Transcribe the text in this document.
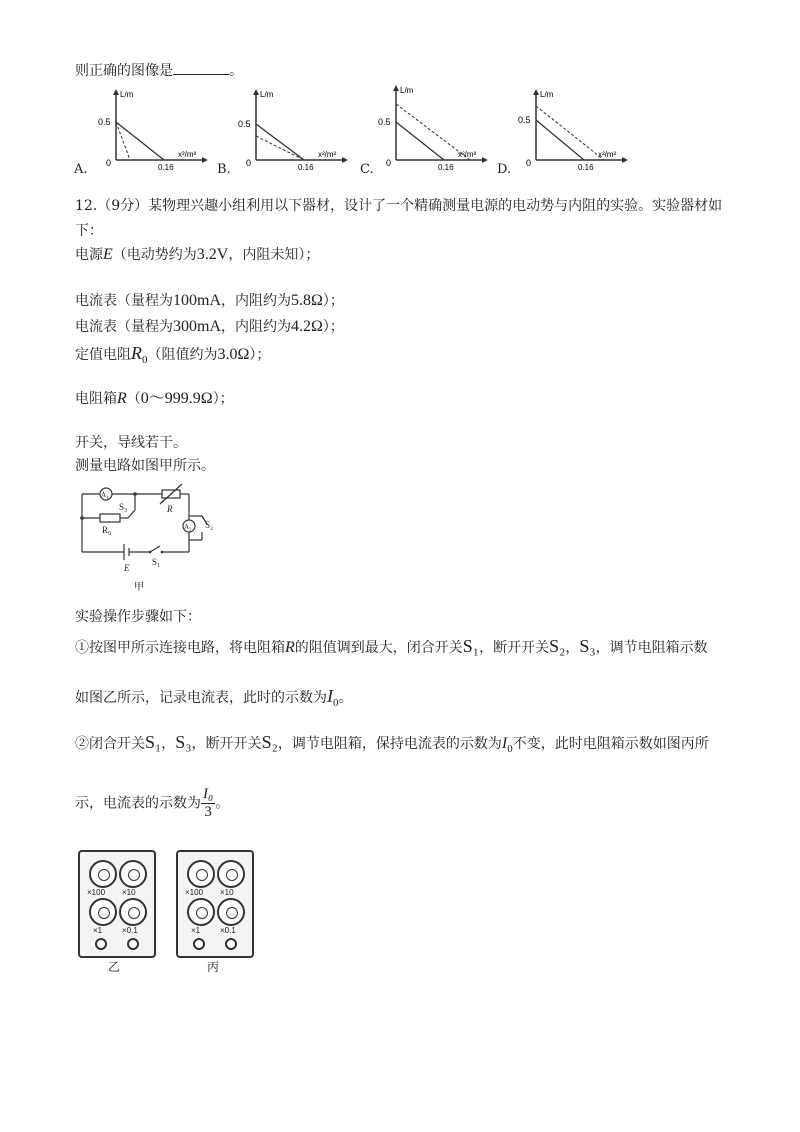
则正确的图像是	。
A.	B.	C.	D.
L/m
0.5
0	0.16
x²/m²
L/m
0.5
0	0.16
x²/m²
L/m
0.5
0	0.16
x²/m²
L/m
0.5
0	0.16
x²/m²
12.（9分）某物理兴趣小组利用以下器材，设计了一个精确测量电源的电动势与内阻的实验。实验器材如
下：
电源E（电动势约为3.2V，内阻未知）；
电流表（量程为100mA，内阻约为5.8Ω）；
电流表（量程为300mA，内阻约为4.2Ω）；
定值电阻$R_0$（阻值约为3.0Ω）；
电阻箱R（0～999.9Ω）；
开关，导线若干。
测量电路如图甲所示。
A₁
A₂
S₃	R
R₀	S₂
E
S₁
甲
实验操作步骤如下：
①按图甲所示连接电路，将电阻箱R的阻值调到最大，闭合开关S₁，断开开关S₂，S₃，调节电阻箱示数
如图乙所示，记录电流表，此时的示数为$I_0$。
②闭合开关S₁，S₃，断开开关S₂，调节电阻箱，保持电流表的示数为$I_0$不变，此时电阻箱示数如图丙所
示，电流表的示数为 $\frac{\text{I₀}}{3}$ 。
×100 ×10
×1 ×0.1
乙
×100 ×10
×1 ×0.1
丙
